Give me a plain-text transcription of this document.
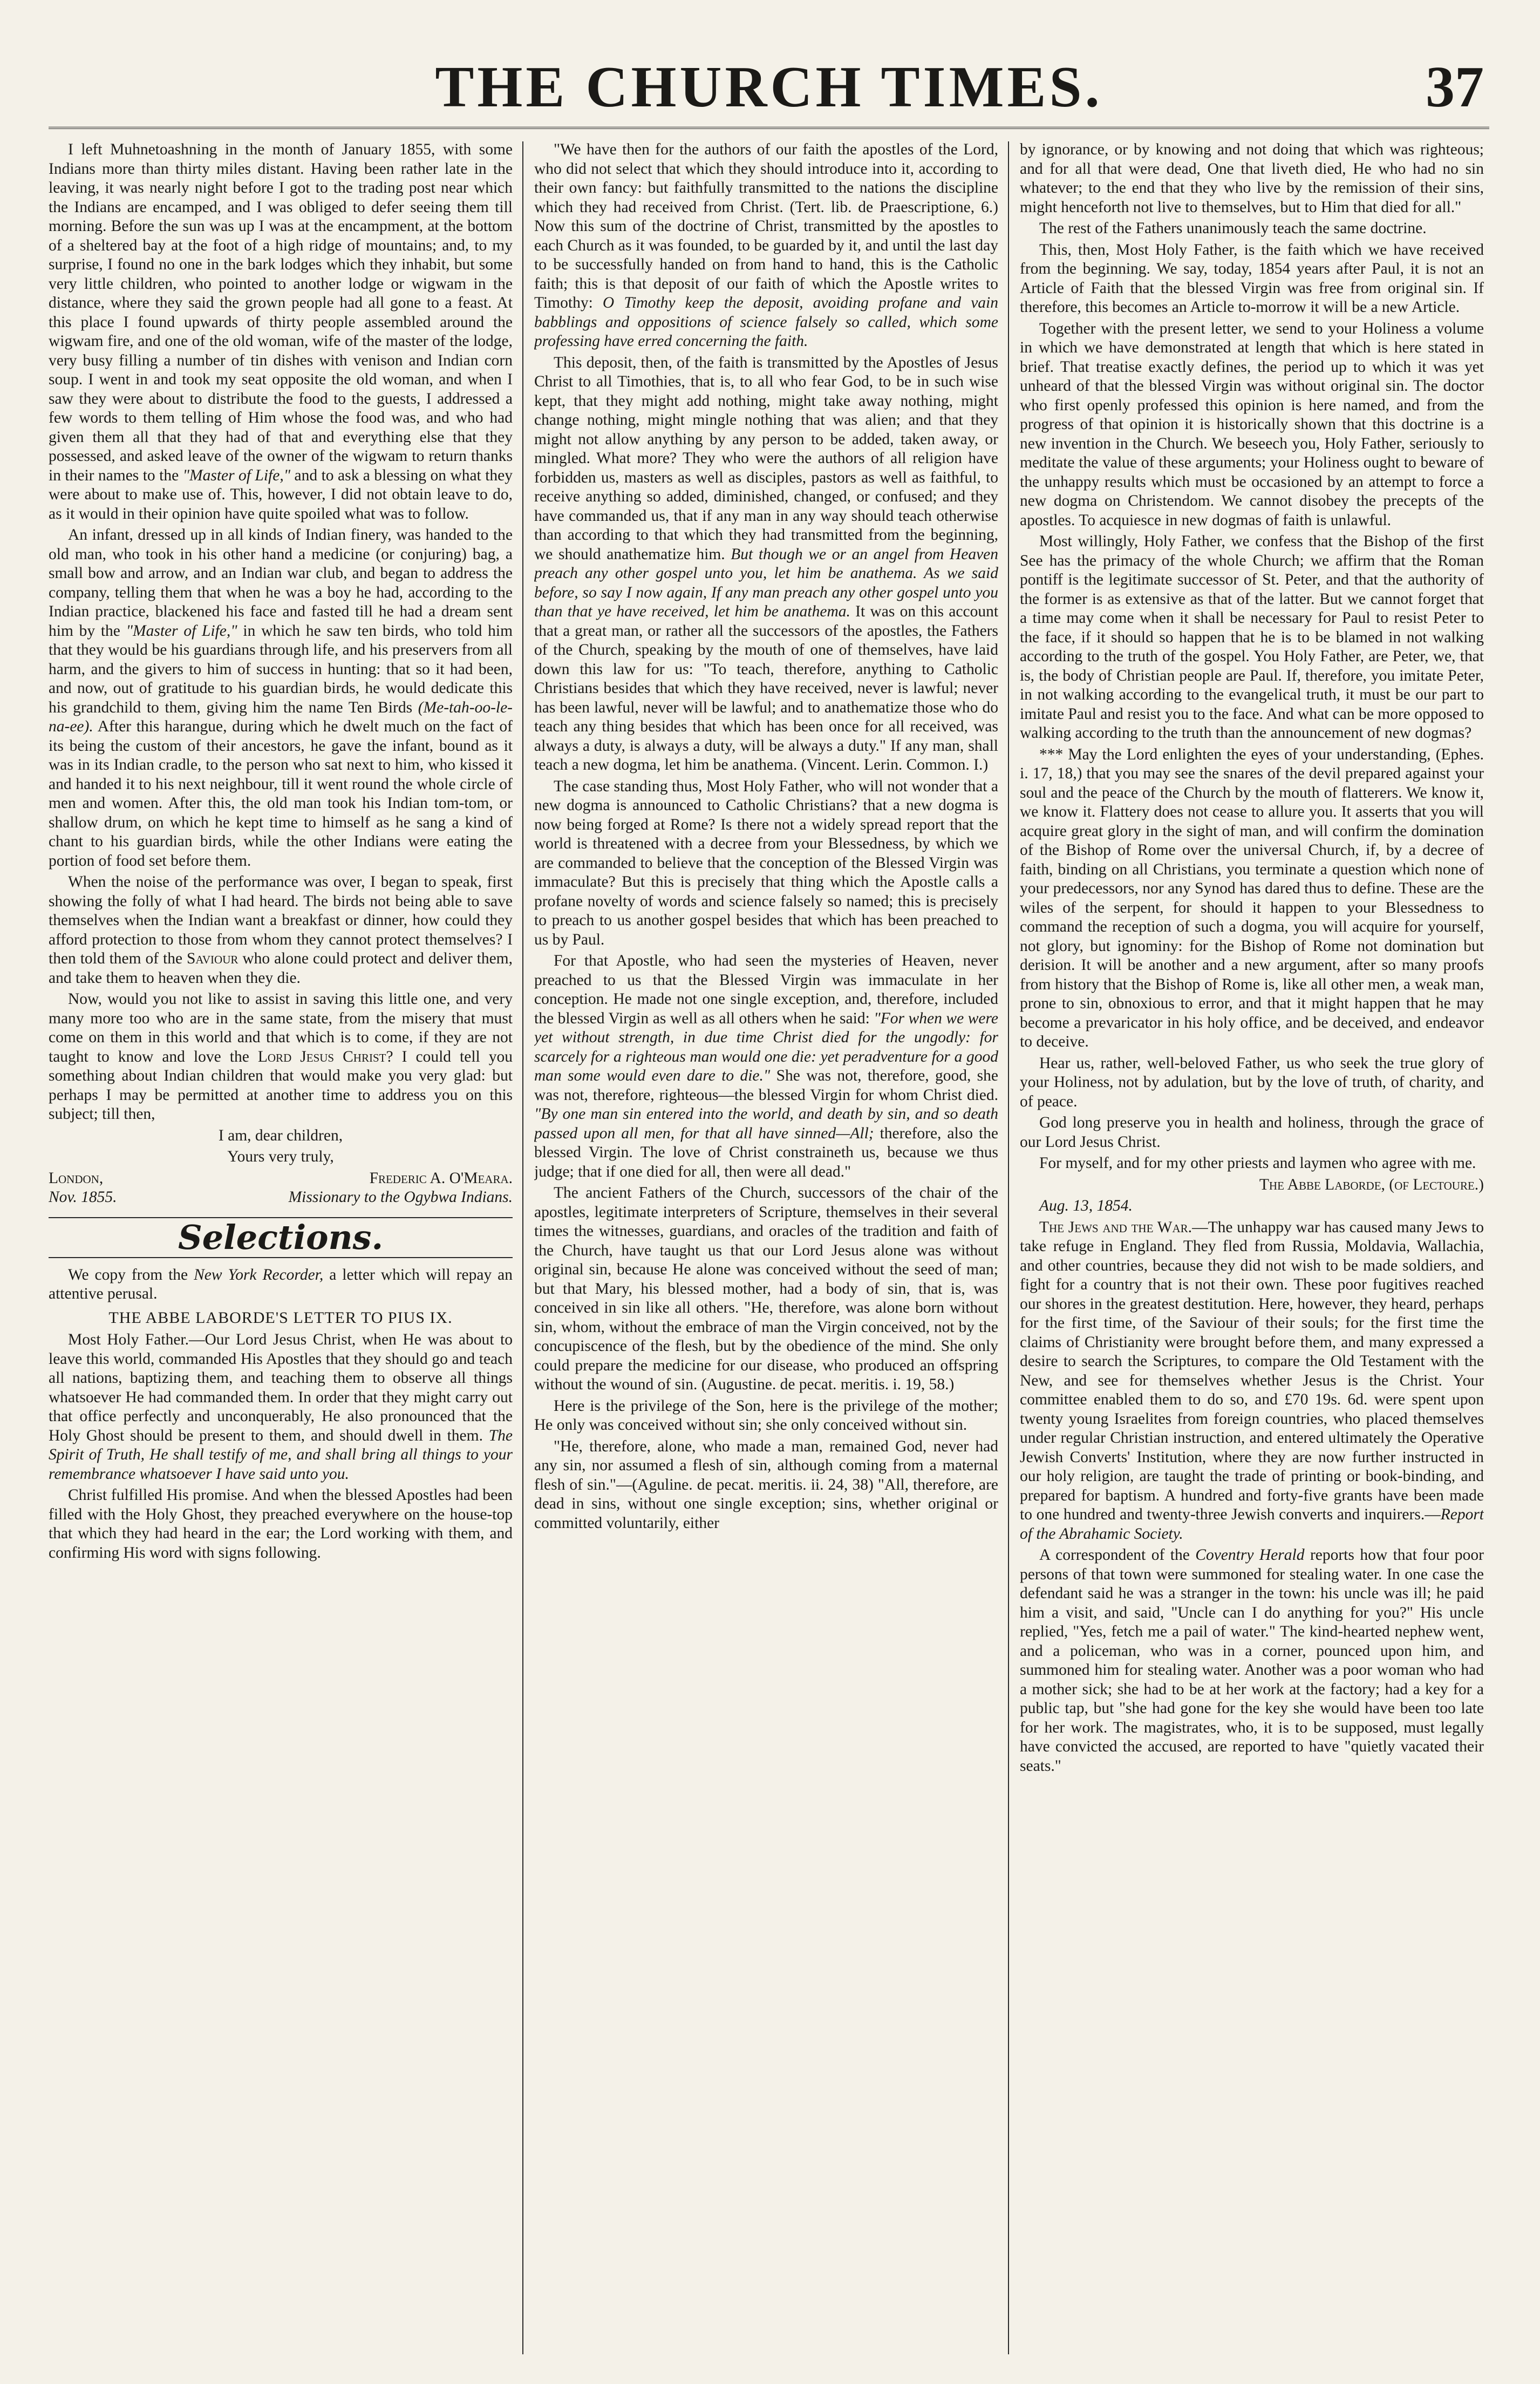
THE CHURCH TIMES.	37

I left Muhnetoashning in the month of January 1855, with some Indians more than thirty miles distant. Having been rather late in the leaving, it was nearly night before I got to the trading post near which the Indians are encamped, and I was obliged to defer seeing them till morning. Before the sun was up I was at the encampment, at the bottom of a sheltered bay at the foot of a high ridge of mountains; and, to my surprise, I found no one in the bark lodges which they inhabit, but some very little children, who pointed to another lodge or wigwam in the distance, where they said the grown people had all gone to a feast. At this place I found upwards of thirty people assembled around the wigwam fire, and one of the old woman, wife of the master of the lodge, very busy filling a number of tin dishes with venison and Indian corn soup. I went in and took my seat opposite the old woman, and when I saw they were about to distribute the food to the guests, I addressed a few words to them telling of Him whose the food was, and who had given them all that they had of that and everything else that they possessed, and asked leave of the owner of the wigwam to return thanks in their names to the "Master of Life," and to ask a blessing on what they were about to make use of. This, however, I did not obtain leave to do, as it would in their opinion have quite spoiled what was to follow.

An infant, dressed up in all kinds of Indian finery, was handed to the old man, who took in his other hand a medicine (or conjuring) bag, a small bow and arrow, and an Indian war club, and began to address the company, telling them that when he was a boy he had, according to the Indian practice, blackened his face and fasted till he had a dream sent him by the "Master of Life," in which he saw ten birds, who told him that they would be his guardians through life, and his preservers from all harm, and the givers to him of success in hunting: that so it had been, and now, out of gratitude to his guardian birds, he would dedicate this his grandchild to them, giving him the name Ten Birds (Me-tah-oo-le-na-ee). After this harangue, during which he dwelt much on the fact of its being the custom of their ancestors, he gave the infant, bound as it was in its Indian cradle, to the person who sat next to him, who kissed it and handed it to his next neighbour, till it went round the whole circle of men and women. After this, the old man took his Indian tom-tom, or shallow drum, on which he kept time to himself as he sang a kind of chant to his guardian birds, while the other Indians were eating the portion of food set before them.

When the noise of the performance was over, I began to speak, first showing the folly of what I had heard. The birds not being able to save themselves when the Indian want a breakfast or dinner, how could they afford protection to those from whom they cannot protect themselves? I then told them of the Saviour who alone could protect and deliver them, and take them to heaven when they die.

Now, would you not like to assist in saving this little one, and very many more too who are in the same state, from the misery that must come on them in this world and that which is to come, if they are not taught to know and love the Lord Jesus Christ? I could tell you something about Indian children that would make you very glad: but perhaps I may be permitted at another time to address you on this subject; till then,

I am, dear children,

Yours very truly,

London,	Frederic A. O'Meara.
Nov. 1855.	Missionary to the Ogybwa Indians.
Selections.

We copy from the New York Recorder, a letter which will repay an attentive perusal.

THE ABBE LABORDE'S LETTER TO PIUS IX.

Most Holy Father.—Our Lord Jesus Christ, when He was about to leave this world, commanded His Apostles that they should go and teach all nations, baptizing them, and teaching them to observe all things whatsoever He had commanded them. In order that they might carry out that office perfectly and unconquerably, He also pronounced that the Holy Ghost should be present to them, and should dwell in them. The Spirit of Truth, He shall testify of me, and shall bring all things to your remembrance whatsoever I have said unto you.

Christ fulfilled His promise. And when the blessed Apostles had been filled with the Holy Ghost, they preached everywhere on the house-top that which they had heard in the ear; the Lord working with them, and confirming His word with signs following.

"We have then for the authors of our faith the apostles of the Lord, who did not select that which they should introduce into it, according to their own fancy: but faithfully transmitted to the nations the discipline which they had received from Christ. (Tert. lib. de Praescriptione, 6.) Now this sum of the doctrine of Christ, transmitted by the apostles to each Church as it was founded, to be guarded by it, and until the last day to be successfully handed on from hand to hand, this is the Catholic faith; this is that deposit of our faith of which the Apostle writes to Timothy: O Timothy keep the deposit, avoiding profane and vain babblings and oppositions of science falsely so called, which some professing have erred concerning the faith.

This deposit, then, of the faith is transmitted by the Apostles of Jesus Christ to all Timothies, that is, to all who fear God, to be in such wise kept, that they might add nothing, might take away nothing, might change nothing, might mingle nothing that was alien; and that they might not allow anything by any person to be added, taken away, or mingled. What more? They who were the authors of all religion have forbidden us, masters as well as disciples, pastors as well as faithful, to receive anything so added, diminished, changed, or confused; and they have commanded us, that if any man in any way should teach otherwise than according to that which they had transmitted from the beginning, we should anathematize him. But though we or an angel from Heaven preach any other gospel unto you, let him be anathema. As we said before, so say I now again, If any man preach any other gospel unto you than that ye have received, let him be anathema. It was on this account that a great man, or rather all the successors of the apostles, the Fathers of the Church, speaking by the mouth of one of themselves, have laid down this law for us: "To teach, therefore, anything to Catholic Christians besides that which they have received, never is lawful; never has been lawful, never will be lawful; and to anathematize those who do teach any thing besides that which has been once for all received, was always a duty, is always a duty, will be always a duty." If any man, shall teach a new dogma, let him be anathema. (Vincent. Lerin. Common. I.)

The case standing thus, Most Holy Father, who will not wonder that a new dogma is announced to Catholic Christians? that a new dogma is now being forged at Rome? Is there not a widely spread report that the world is threatened with a decree from your Blessedness, by which we are commanded to believe that the conception of the Blessed Virgin was immaculate? But this is precisely that thing which the Apostle calls a profane novelty of words and science falsely so named; this is precisely to preach to us another gospel besides that which has been preached to us by Paul.

For that Apostle, who had seen the mysteries of Heaven, never preached to us that the Blessed Virgin was immaculate in her conception. He made not one single exception, and, therefore, included the blessed Virgin as well as all others when he said: "For when we were yet without strength, in due time Christ died for the ungodly: for scarcely for a righteous man would one die: yet peradventure for a good man some would even dare to die." She was not, therefore, good, she was not, therefore, righteous—the blessed Virgin for whom Christ died. "By one man sin entered into the world, and death by sin, and so death passed upon all men, for that all have sinned—All; therefore, also the blessed Virgin. The love of Christ constraineth us, because we thus judge; that if one died for all, then were all dead."

The ancient Fathers of the Church, successors of the chair of the apostles, legitimate interpreters of Scripture, themselves in their several times the witnesses, guardians, and oracles of the tradition and faith of the Church, have taught us that our Lord Jesus alone was without original sin, because He alone was conceived without the seed of man; but that Mary, his blessed mother, had a body of sin, that is, was conceived in sin like all others. "He, therefore, was alone born without sin, whom, without the embrace of man the Virgin conceived, not by the concupiscence of the flesh, but by the obedience of the mind. She only could prepare the medicine for our disease, who produced an offspring without the wound of sin. (Augustine. de pecat. meritis. i. 19, 58.)

Here is the privilege of the Son, here is the privilege of the mother; He only was conceived without sin; she only conceived without sin.

"He, therefore, alone, who made a man, remained God, never had any sin, nor assumed a flesh of sin, although coming from a maternal flesh of sin."—(Aguline. de pecat. meritis. ii. 24, 38) "All, therefore, are dead in sins, without one single exception; sins, whether original or committed voluntarily, either

by ignorance, or by knowing and not doing that which was righteous; and for all that were dead, One that liveth died, He who had no sin whatever; to the end that they who live by the remission of their sins, might henceforth not live to themselves, but to Him that died for all."

The rest of the Fathers unanimously teach the same doctrine.

This, then, Most Holy Father, is the faith which we have received from the beginning. We say, today, 1854 years after Paul, it is not an Article of Faith that the blessed Virgin was free from original sin. If therefore, this becomes an Article to-morrow it will be a new Article.

Together with the present letter, we send to your Holiness a volume in which we have demonstrated at length that which is here stated in brief. That treatise exactly defines, the period up to which it was yet unheard of that the blessed Virgin was without original sin. The doctor who first openly professed this opinion is here named, and from the progress of that opinion it is historically shown that this doctrine is a new invention in the Church. We beseech you, Holy Father, seriously to meditate the value of these arguments; your Holiness ought to beware of the unhappy results which must be occasioned by an attempt to force a new dogma on Christendom. We cannot disobey the precepts of the apostles. To acquiesce in new dogmas of faith is unlawful.

Most willingly, Holy Father, we confess that the Bishop of the first See has the primacy of the whole Church; we affirm that the Roman pontiff is the legitimate successor of St. Peter, and that the authority of the former is as extensive as that of the latter. But we cannot forget that a time may come when it shall be necessary for Paul to resist Peter to the face, if it should so happen that he is to be blamed in not walking according to the truth of the gospel. You Holy Father, are Peter, we, that is, the body of Christian people are Paul. If, therefore, you imitate Peter, in not walking according to the evangelical truth, it must be our part to imitate Paul and resist you to the face. And what can be more opposed to walking according to the truth than the announcement of new dogmas?

*** May the Lord enlighten the eyes of your understanding, (Ephes. i. 17, 18,) that you may see the snares of the devil prepared against your soul and the peace of the Church by the mouth of flatterers. We know it, we know it. Flattery does not cease to allure you. It asserts that you will acquire great glory in the sight of man, and will confirm the domination of the Bishop of Rome over the universal Church, if, by a decree of faith, binding on all Christians, you terminate a question which none of your predecessors, nor any Synod has dared thus to define. These are the wiles of the serpent, for should it happen to your Blessedness to command the reception of such a dogma, you will acquire for yourself, not glory, but ignominy: for the Bishop of Rome not domination but derision. It will be another and a new argument, after so many proofs from history that the Bishop of Rome is, like all other men, a weak man, prone to sin, obnoxious to error, and that it might happen that he may become a prevaricator in his holy office, and be deceived, and endeavor to deceive.

Hear us, rather, well-beloved Father, us who seek the true glory of your Holiness, not by adulation, but by the love of truth, of charity, and of peace.

God long preserve you in health and holiness, through the grace of our Lord Jesus Christ.

For myself, and for my other priests and laymen who agree with me.

The Abbe Laborde, (of Lectoure.)

Aug. 13, 1854.

The Jews and the War.—The unhappy war has caused many Jews to take refuge in England. They fled from Russia, Moldavia, Wallachia, and other countries, because they did not wish to be made soldiers, and fight for a country that is not their own. These poor fugitives reached our shores in the greatest destitution. Here, however, they heard, perhaps for the first time, of the Saviour of their souls; for the first time the claims of Christianity were brought before them, and many expressed a desire to search the Scriptures, to compare the Old Testament with the New, and see for themselves whether Jesus is the Christ. Your committee enabled them to do so, and £70 19s. 6d. were spent upon twenty young Israelites from foreign countries, who placed themselves under regular Christian instruction, and entered ultimately the Operative Jewish Converts' Institution, where they are now further instructed in our holy religion, are taught the trade of printing or book-binding, and prepared for baptism. A hundred and forty-five grants have been made to one hundred and twenty-three Jewish converts and inquirers.—Report of the Abrahamic Society.

A correspondent of the Coventry Herald reports how that four poor persons of that town were summoned for stealing water. In one case the defendant said he was a stranger in the town: his uncle was ill; he paid him a visit, and said, "Uncle can I do anything for you?" His uncle replied, "Yes, fetch me a pail of water." The kind-hearted nephew went, and a policeman, who was in a corner, pounced upon him, and summoned him for stealing water. Another was a poor woman who had a mother sick; she had to be at her work at the factory; had a key for a public tap, but "she had gone for the key she would have been too late for her work. The magistrates, who, it is to be supposed, must legally have convicted the accused, are reported to have "quietly vacated their seats."
